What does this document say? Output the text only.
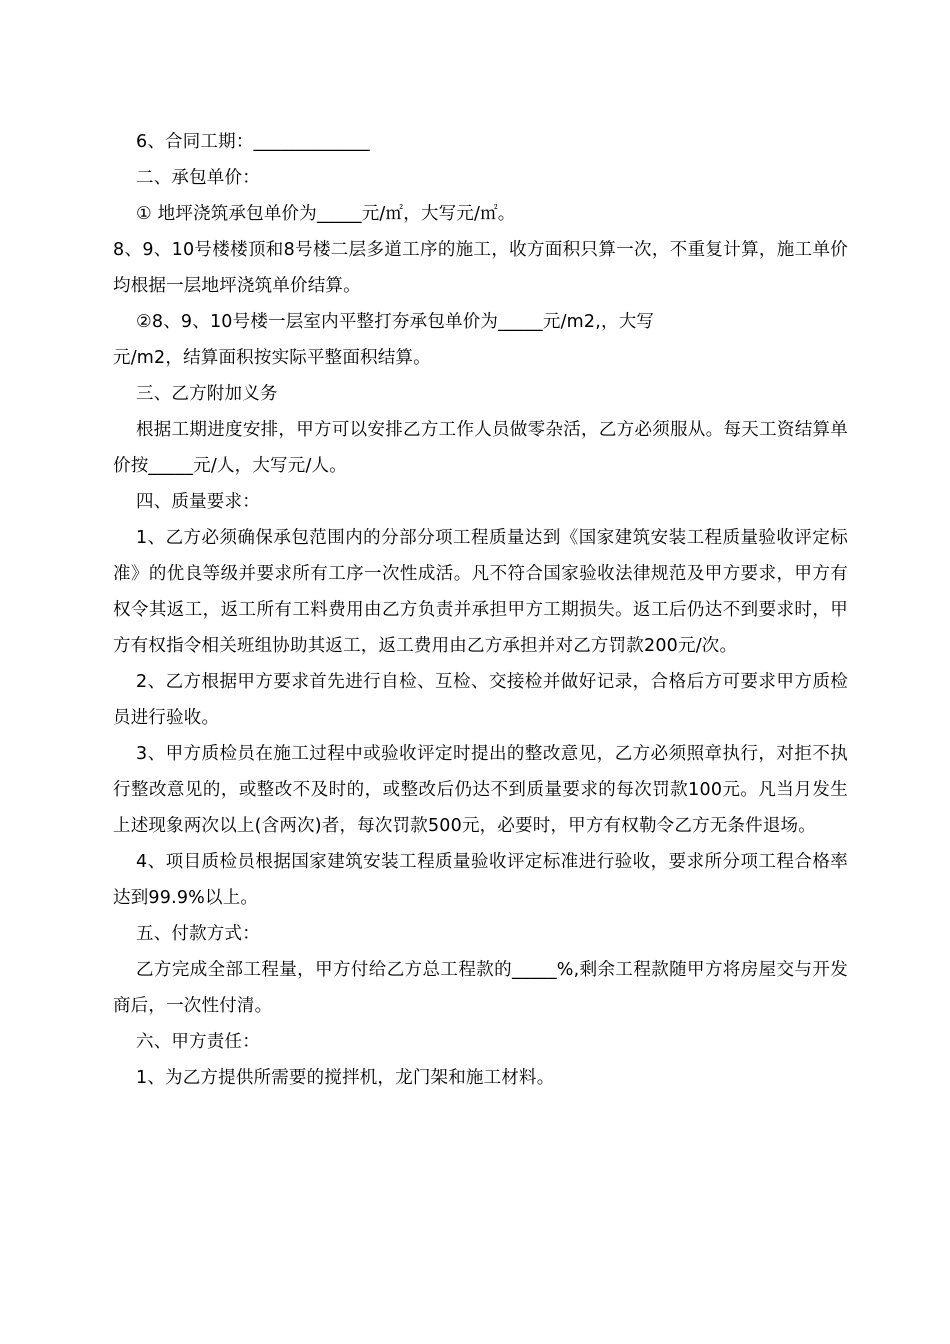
6、合同工期：_____________

二、承包单价：

① 地坪浇筑承包单价为_____元/㎡，大写元/㎡。

8、9、10号楼楼顶和8号楼二层多道工序的施工，收方面积只算一次，不重复计算，施工单价均根据一层地坪浇筑单价结算。

②8、9、10号楼一层室内平整打夯承包单价为_____元/m2,，大写

元/m2，结算面积按实际平整面积结算。

三、乙方附加义务

根据工期进度安排，甲方可以安排乙方工作人员做零杂活，乙方必须服从。每天工资结算单价按_____元/人，大写元/人。

四、质量要求：

1、乙方必须确保承包范围内的分部分项工程质量达到《国家建筑安装工程质量验收评定标准》的优良等级并要求所有工序一次性成活。凡不符合国家验收法律规范及甲方要求，甲方有权令其返工，返工所有工料费用由乙方负责并承担甲方工期损失。返工后仍达不到要求时，甲方有权指令相关班组协助其返工，返工费用由乙方承担并对乙方罚款200元/次。

2、乙方根据甲方要求首先进行自检、互检、交接检并做好记录，合格后方可要求甲方质检员进行验收。

3、甲方质检员在施工过程中或验收评定时提出的整改意见，乙方必须照章执行，对拒不执行整改意见的，或整改不及时的，或整改后仍达不到质量要求的每次罚款100元。凡当月发生上述现象两次以上(含两次)者，每次罚款500元，必要时，甲方有权勒令乙方无条件退场。

4、项目质检员根据国家建筑安装工程质量验收评定标准进行验收，要求所分项工程合格率达到99.9%以上。

五、付款方式：

乙方完成全部工程量，甲方付给乙方总工程款的_____%,剩余工程款随甲方将房屋交与开发商后，一次性付清。

六、甲方责任：

1、为乙方提供所需要的搅拌机，龙门架和施工材料。
